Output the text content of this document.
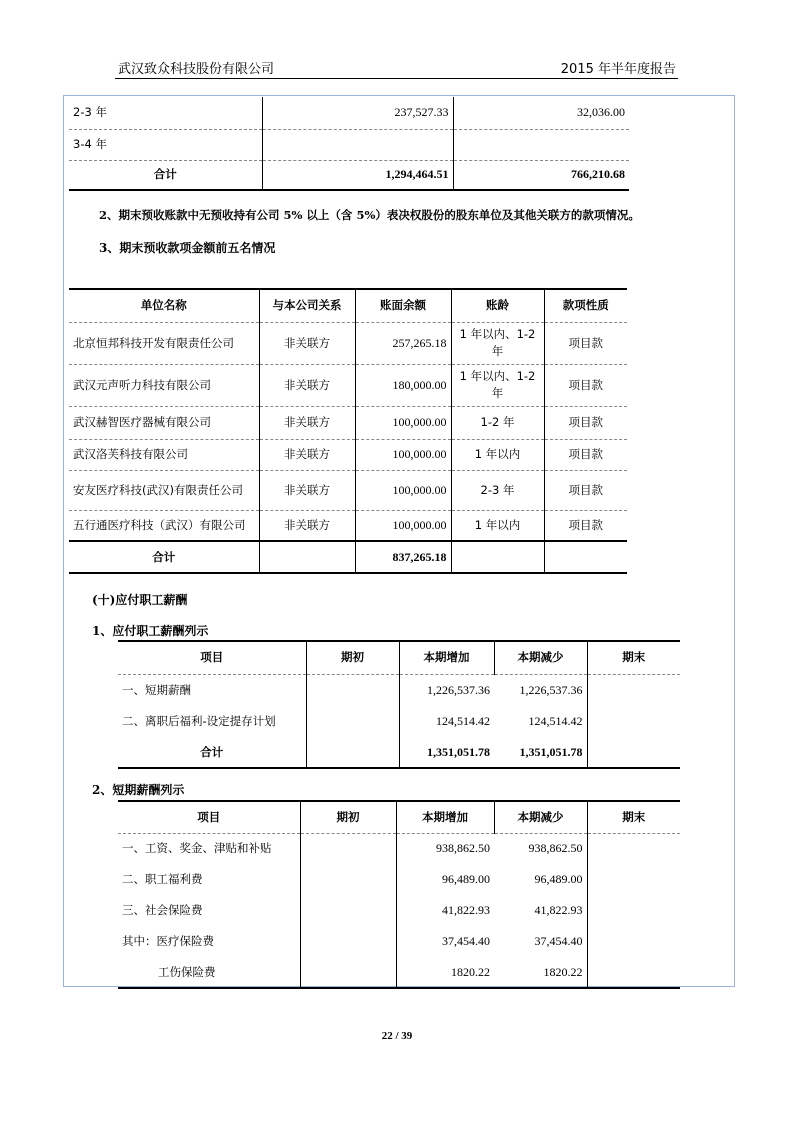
武汉致众科技股份有限公司	2015 年半年度报告
2-3 年	237,527.33	32,036.00
3-4 年		
合计	1,294,464.51	766,210.68
2、期末预收账款中无预收持有公司 5% 以上（含 5%）表决权股份的股东单位及其他关联方的款项情况。
3、期末预收款项金额前五名情况
单位名称	与本公司关系	账面余额	账龄	款项性质
北京恒邦科技开发有限责任公司	非关联方	257,265.18	1 年以内、1-2 年	项目款
武汉元声听力科技有限公司	非关联方	180,000.00	1 年以内、1-2 年	项目款
武汉赫智医疗器械有限公司	非关联方	100,000.00	1-2 年	项目款
武汉洛芙科技有限公司	非关联方	100,000.00	1 年以内	项目款
安友医疗科技(武汉)有限责任公司	非关联方	100,000.00	2-3 年	项目款
五行通医疗科技（武汉）有限公司	非关联方	100,000.00	1 年以内	项目款
合计		837,265.18		
(十)应付职工薪酬
1、应付职工薪酬列示
项目	期初	本期增加	本期减少	期末
一、短期薪酬		1,226,537.36	1,226,537.36	
二、离职后福利-设定提存计划		124,514.42	124,514.42	
合计		1,351,051.78	1,351,051.78	
2、短期薪酬列示
项目	期初	本期增加	本期减少	期末
一、工资、奖金、津贴和补贴		938,862.50	938,862.50	
二、职工福利费		96,489.00	96,489.00	
三、社会保险费		41,822.93	41,822.93	
其中：医疗保险费		37,454.40	37,454.40	
工伤保险费		1820.22	1820.22	
22 / 39
